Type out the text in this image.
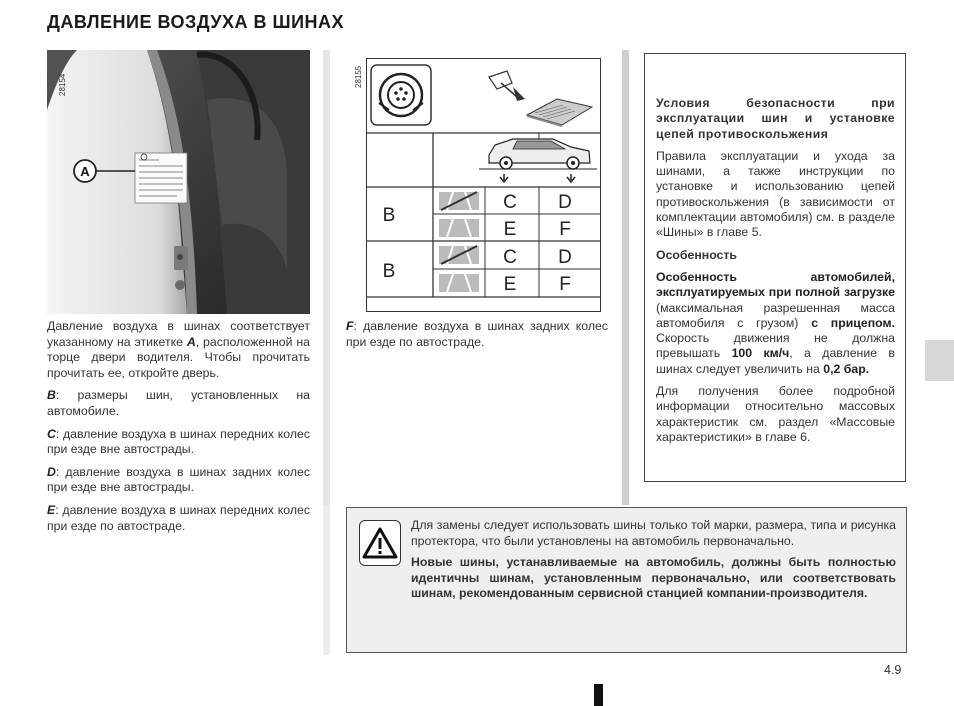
ДАВЛЕНИЕ ВОЗДУХА В ШИНАХ
A
28154

Давление воздуха в шинах соответствует указанному на этикетке A, расположенной на торце двери водителя. Чтобы прочитать прочитать ее, откройте дверь.

B: размеры шин, установленных на автомобиле.

C: давление воздуха в шинах передних колес при езде вне автострады.

D: давление воздуха в шинах задних колес при езде вне автострады.

E: давление воздуха в шинах передних колес при езде по автостраде.

28155
B
B
C D
E F
C D
E F

F: давление воздуха в шинах задних колес при езде по автостраде.

Условия безопасности при эксплуатации шин и установке цепей противоскольжения

Правила эксплуатации и ухода за шинами, а также инструкции по установке и использованию цепей противоскольжения (в зависимости от комплектации автомобиля) см. в разделе «Шины» в главе 5.

Особенность

Особенность автомобилей, эксплуатируемых при полной загрузке (максимальная разрешенная масса автомобиля с грузом) с прицепом. Скорость движения не должна превышать 100 км/ч, а давление в шинах следует увеличить на 0,2 бар.

Для получения более подробной информации относительно массовых характеристик см. раздел «Массовые характеристики» в главе 6.

Для замены следует использовать шины только той марки, размера, типа и рисунка протектора, что были установлены на автомобиль первоначально.

Новые шины, устанавливаемые на автомобиль, должны быть полностью идентичны шинам, установленным первоначально, или соответствовать шинам, рекомендованным сервисной станцией компании-производителя.

4.9
